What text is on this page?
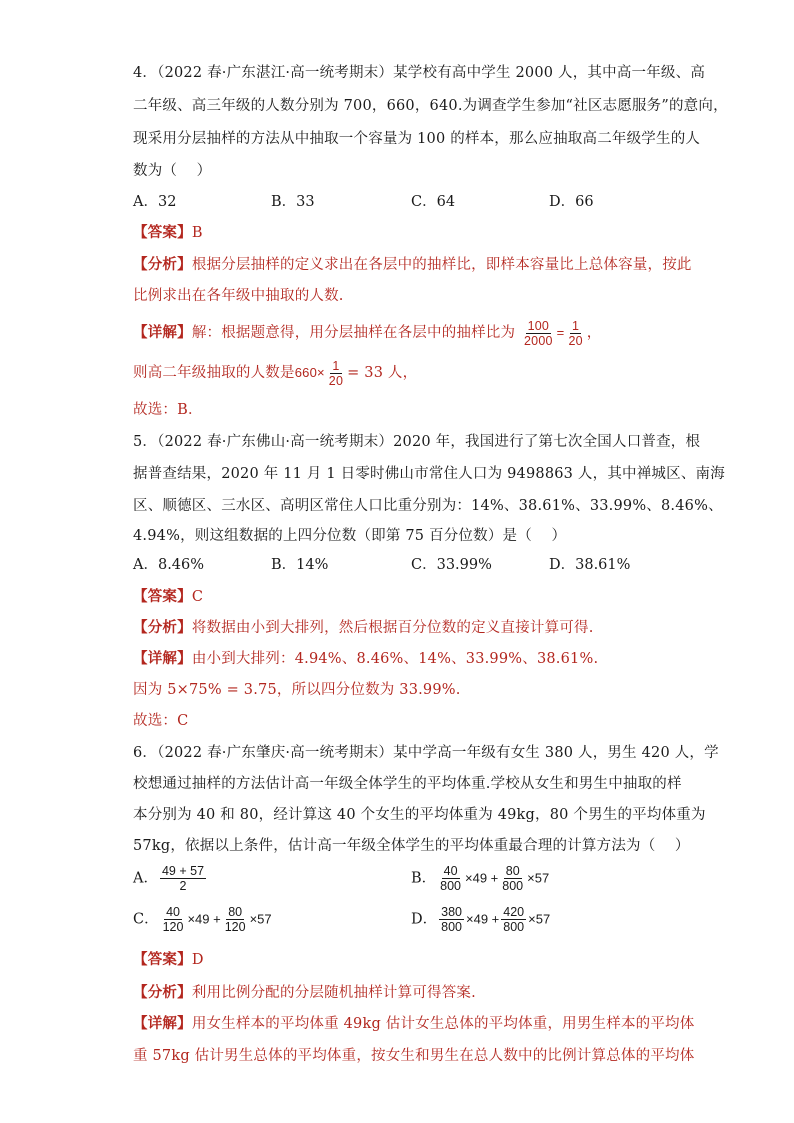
4．（2022 春·广东湛江·高一统考期末）某学校有高中学生 2000 人，其中高一年级、高
二年级、高三年级的人数分别为 700，660，640.为调查学生参加“社区志愿服务”的意向，
现采用分层抽样的方法从中抽取一个容量为 100 的样本，那么应抽取高二年级学生的人
数为（　 ）
A．32	B．33	C．64	D．66
【答案】B
【分析】根据分层抽样的定义求出在各层中的抽样比，即样本容量比上总体容量，按此
比例求出在各年级中抽取的人数.
【详解】解：根据题意得，用分层抽样在各层中的抽样比为 $\frac{100}{2000} = \frac{1}{20}$ ，
则高二年级抽取的人数是$660\times \frac{1}{20} = 33$ 人，
故选：B．
5．（2022 春·广东佛山·高一统考期末）2020 年，我国进行了第七次全国人口普查，根
据普查结果，2020 年 11 月 1 日零时佛山市常住人口为 9498863 人，其中禅城区、南海
区、顺德区、三水区、高明区常住人口比重分别为：14%、38.61%、33.99%、8.46%、
4.94%，则这组数据的上四分位数（即第 75 百分位数）是（　 ）
A．8.46%	B．14%	C．33.99%	D．38.61%
【答案】C
【分析】将数据由小到大排列，然后根据百分位数的定义直接计算可得.
【详解】由小到大排列：4.94%、8.46%、14%、33.99%、38.61%.
因为 5×75% = 3.75，所以四分位数为 33.99%.
故选：C
6．（2022 春·广东肇庆·高一统考期末）某中学高一年级有女生 380 人，男生 420 人，学
校想通过抽样的方法估计高一年级全体学生的平均体重.学校从女生和男生中抽取的样
本分别为 40 和 80，经计算这 40 个女生的平均体重为 49kg，80 个男生的平均体重为
57kg，依据以上条件，估计高一年级全体学生的平均体重最合理的计算方法为（　 ）
A． $\frac{49 + 57}{2}$	B． $\frac{40}{800} \times 49 + \frac{80}{800} \times 57$
C． $\frac{40}{120} \times 49 + \frac{80}{120} \times 57$	D． $\frac{380}{800} \times 49 + \frac{420}{800} \times 57$
【答案】D
【分析】利用比例分配的分层随机抽样计算可得答案.
【详解】用女生样本的平均体重 49kg 估计女生总体的平均体重，用男生样本的平均体
重 57kg 估计男生总体的平均体重，按女生和男生在总人数中的比例计算总体的平均体
